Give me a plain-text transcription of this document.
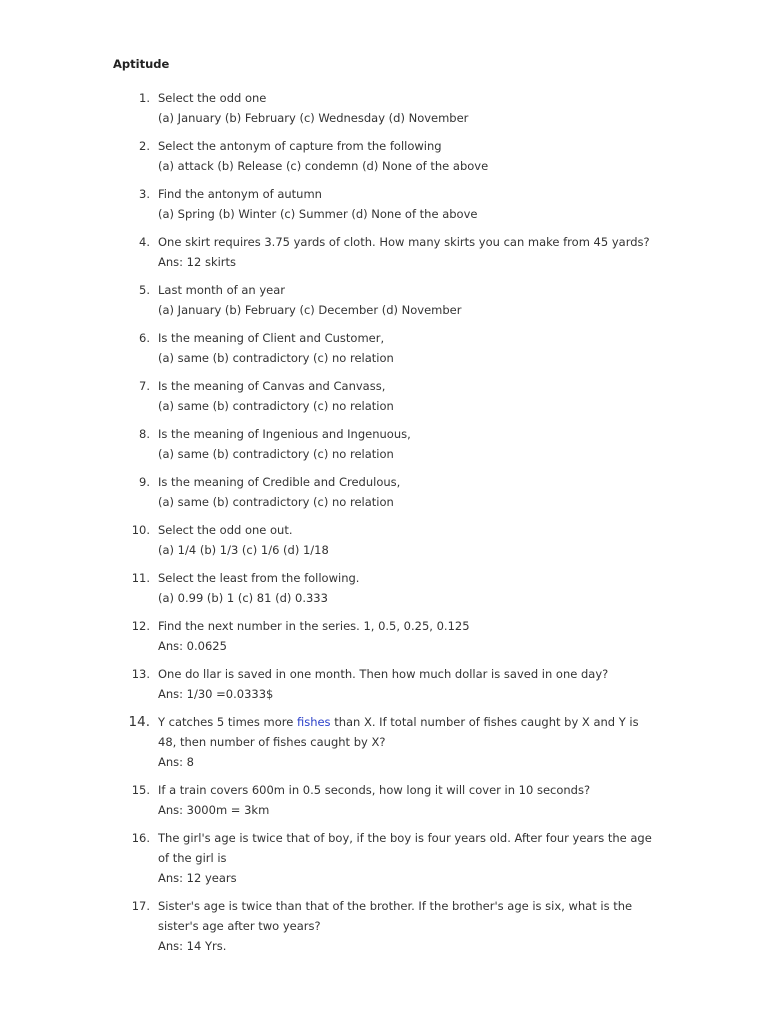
Aptitude
1. Select the odd one
(a) January (b) February (c) Wednesday (d) November
2. Select the antonym of capture from the following
(a) attack (b) Release (c) condemn (d) None of the above
3. Find the antonym of autumn
(a) Spring (b) Winter (c) Summer (d) None of the above
4. One skirt requires 3.75 yards of cloth. How many skirts you can make from 45 yards?
Ans: 12 skirts
5. Last month of an year
(a) January (b) February (c) December (d) November
6. Is the meaning of Client and Customer,
(a) same (b) contradictory (c) no relation
7. Is the meaning of Canvas and Canvass,
(a) same (b) contradictory (c) no relation
8. Is the meaning of Ingenious and Ingenuous,
(a) same (b) contradictory (c) no relation
9. Is the meaning of Credible and Credulous,
(a) same (b) contradictory (c) no relation
10. Select the odd one out.
(a) 1/4 (b) 1/3 (c) 1/6 (d) 1/18
11. Select the least from the following.
(a) 0.99 (b) 1 (c) 81 (d) 0.333
12. Find the next number in the series. 1, 0.5, 0.25, 0.125
Ans: 0.0625
13. One do llar is saved in one month. Then how much dollar is saved in one day?
Ans: 1/30 =0.0333$
14. Y catches 5 times more fishes than X. If total number of fishes caught by X and Y is
48, then number of fishes caught by X?
Ans: 8
15. If a train covers 600m in 0.5 seconds, how long it will cover in 10 seconds?
Ans: 3000m = 3km
16. The girl's age is twice that of boy, if the boy is four years old. After four years the age
of the girl is
Ans: 12 years
17. Sister's age is twice than that of the brother. If the brother's age is six, what is the
sister's age after two years?
Ans: 14 Yrs.
